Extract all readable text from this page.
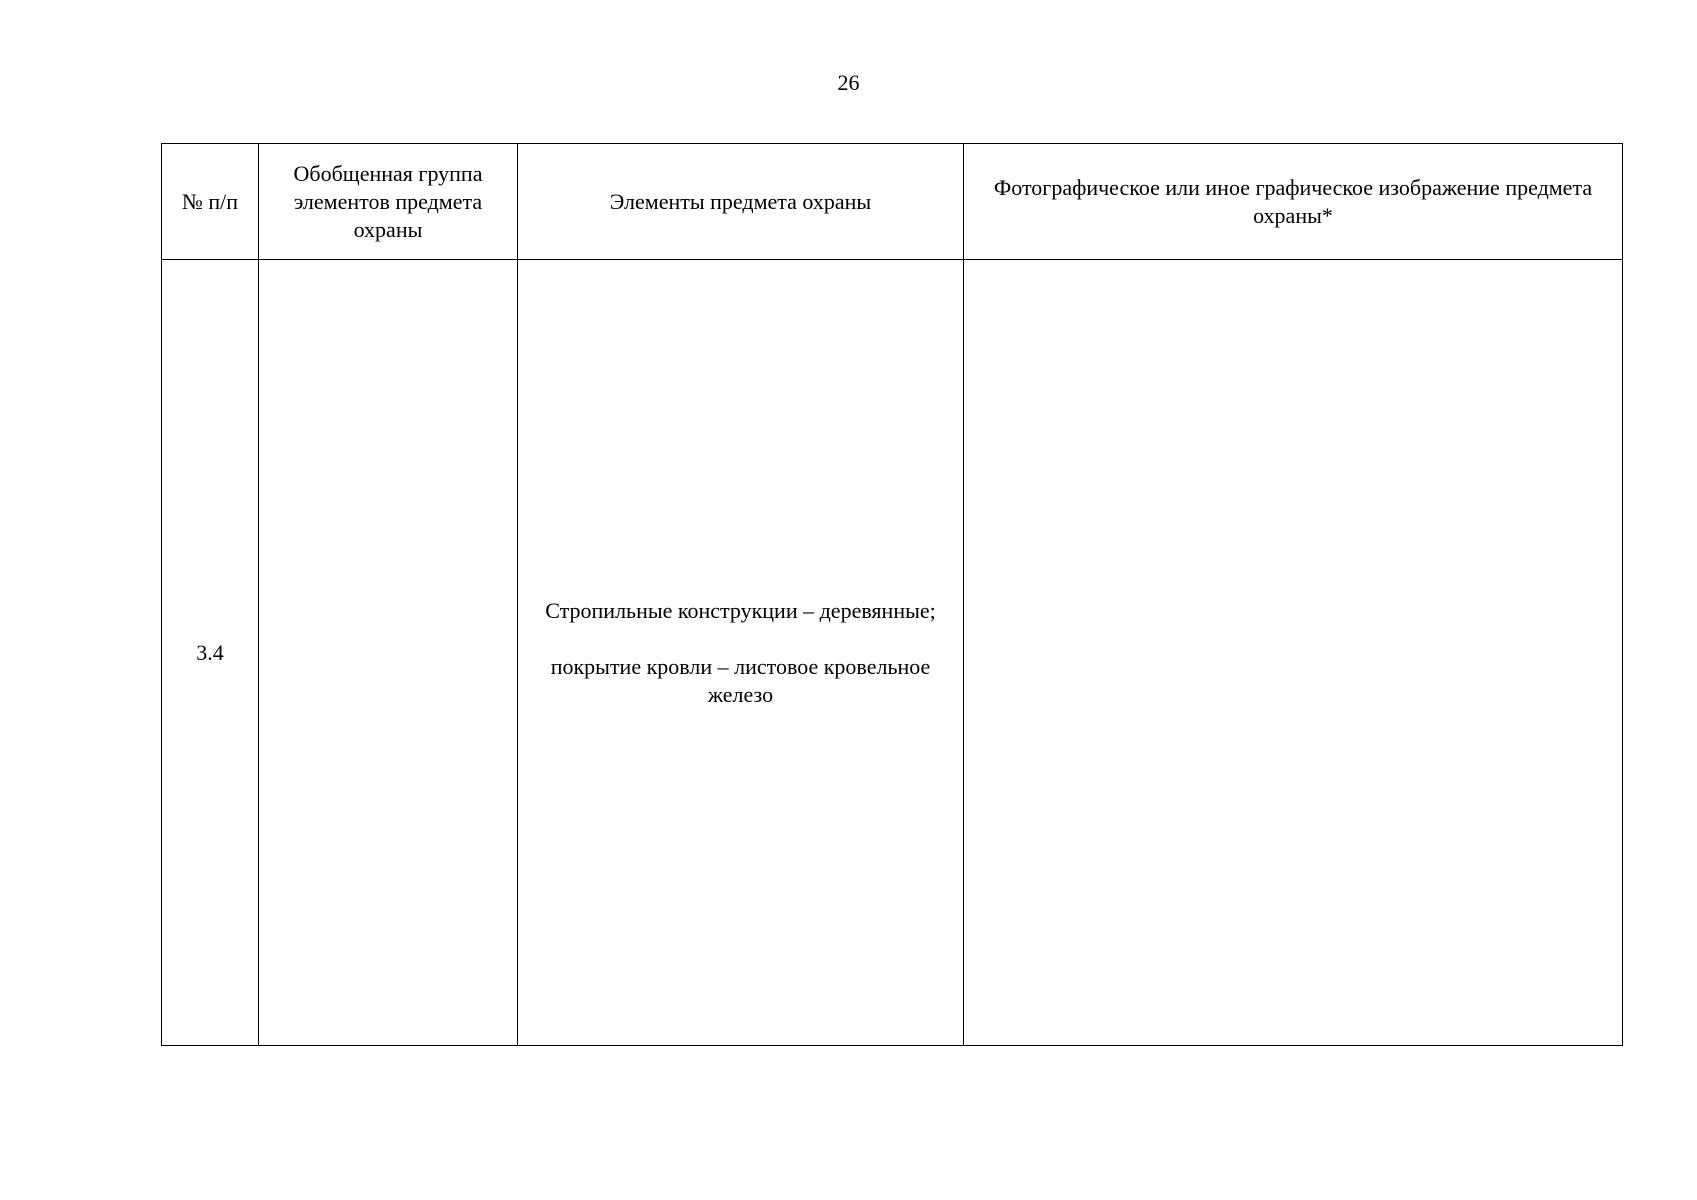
26
№ п/п	Обобщенная группа элементов предмета охраны	Элементы предмета охраны	Фотографическое или иное графическое изображение предмета охраны*
3.4		Стропильные конструкции – деревянные;
покрытие кровли – листовое кровельное железо	
